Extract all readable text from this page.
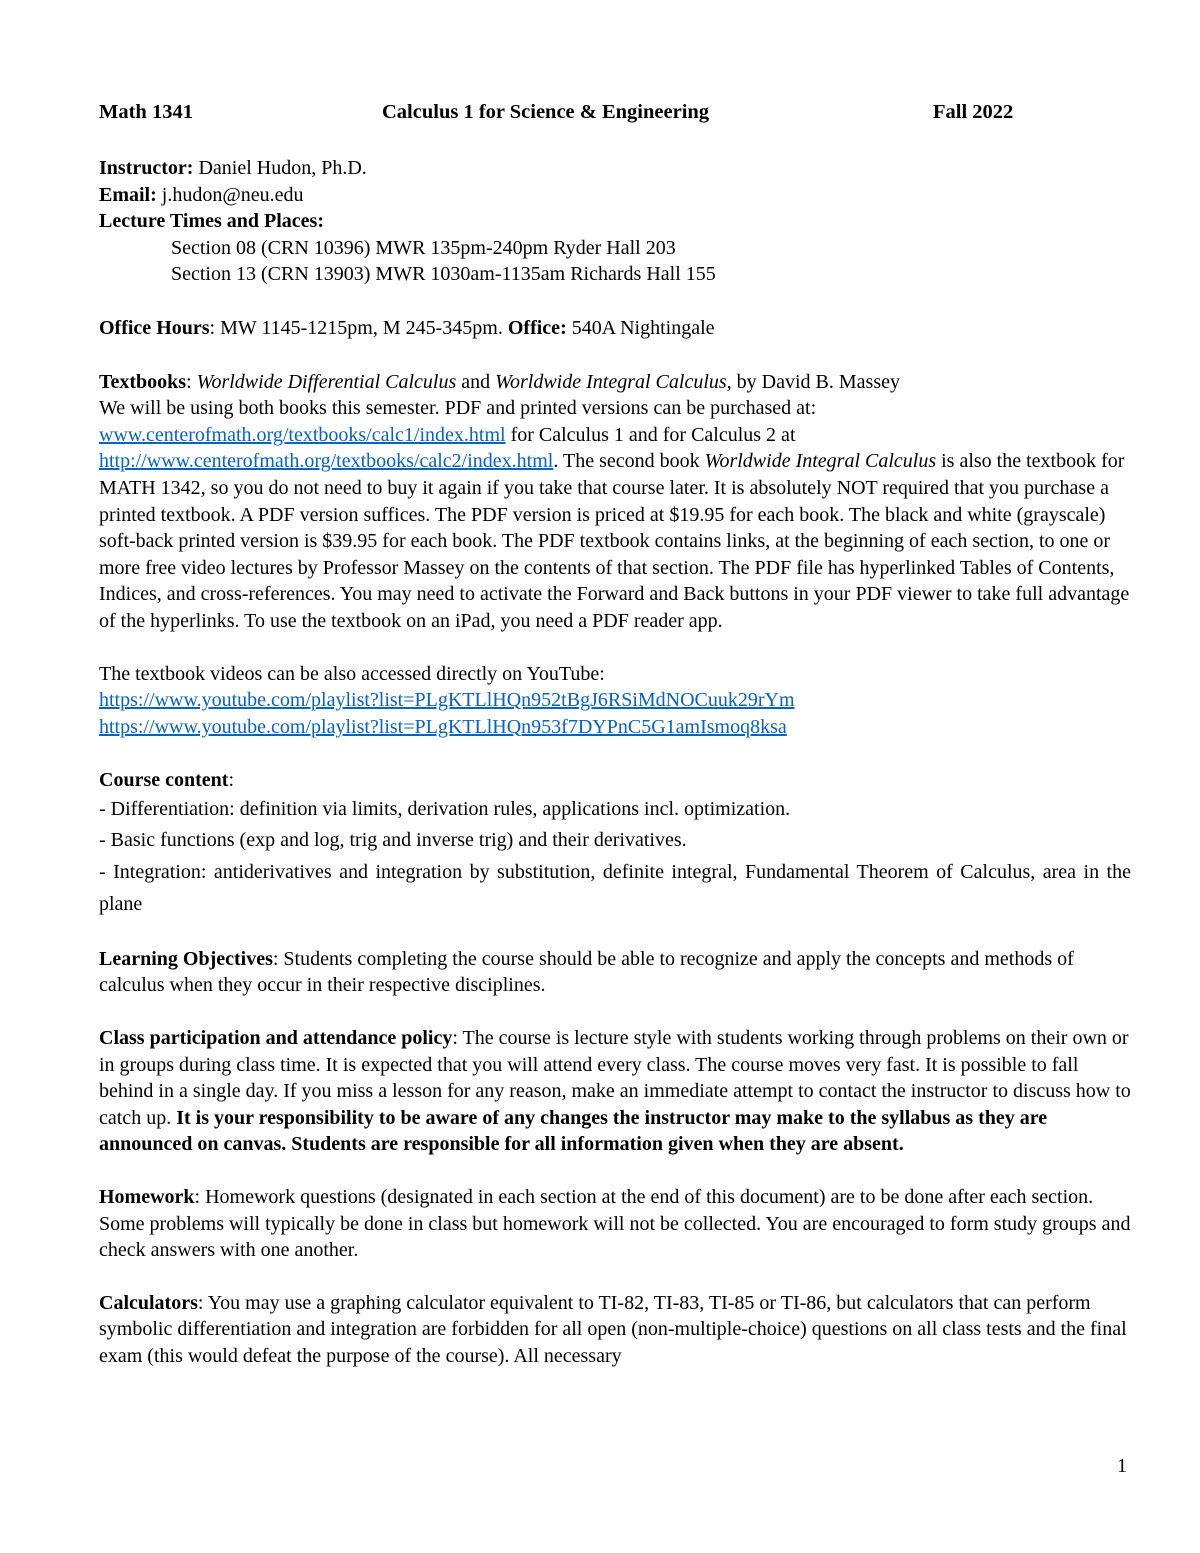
Math 1341	Calculus 1 for Science & Engineering	Fall 2022

Instructor: Daniel Hudon, Ph.D.

Email: j.hudon@neu.edu

Lecture Times and Places:

Section 08 (CRN 10396) MWR 135pm-240pm Ryder Hall 203

Section 13 (CRN 13903) MWR 1030am-1135am Richards Hall 155

Office Hours: MW 1145-1215pm, M 245-345pm. Office: 540A Nightingale

Textbooks: Worldwide Differential Calculus and Worldwide Integral Calculus, by David B. Massey

We will be using both books this semester. PDF and printed versions can be purchased at:
www.centerofmath.org/textbooks/calc1/index.html for Calculus 1 and for Calculus 2 at
http://www.centerofmath.org/textbooks/calc2/index.html. The second book Worldwide Integral Calculus is also the textbook for MATH 1342, so you do not need to buy it again if you take that course later. It is absolutely NOT required that you purchase a printed textbook. A PDF version suffices. The PDF version is priced at $19.95 for each book. The black and white (grayscale) soft-back printed version is $39.95 for each book. The PDF textbook contains links, at the beginning of each section, to one or more free video lectures by Professor Massey on the contents of that section. The PDF file has hyperlinked Tables of Contents, Indices, and cross-references. You may need to activate the Forward and Back buttons in your PDF viewer to take full advantage of the hyperlinks. To use the textbook on an iPad, you need a PDF reader app.

The textbook videos can be also accessed directly on YouTube:

https://www.youtube.com/playlist?list=PLgKTLlHQn952tBgJ6RSiMdNOCuuk29rYm

https://www.youtube.com/playlist?list=PLgKTLlHQn953f7DYPnC5G1amIsmoq8ksa

Course content:

- Differentiation: definition via limits, derivation rules, applications incl. optimization.

- Basic functions (exp and log, trig and inverse trig) and their derivatives.

- Integration: antiderivatives and integration by substitution, definite integral, Fundamental Theorem of Calculus, area in the plane

Learning Objectives: Students completing the course should be able to recognize and apply the concepts and methods of calculus when they occur in their respective disciplines.

Class participation and attendance policy: The course is lecture style with students working through problems on their own or in groups during class time. It is expected that you will attend every class. The course moves very fast. It is possible to fall behind in a single day. If you miss a lesson for any reason, make an immediate attempt to contact the instructor to discuss how to catch up. It is your responsibility to be aware of any changes the instructor may make to the syllabus as they are announced on canvas. Students are responsible for all information given when they are absent.

Homework: Homework questions (designated in each section at the end of this document) are to be done after each section. Some problems will typically be done in class but homework will not be collected. You are encouraged to form study groups and check answers with one another.

Calculators: You may use a graphing calculator equivalent to TI-82, TI-83, TI-85 or TI-86, but calculators that can perform symbolic differentiation and integration are forbidden for all open (non-multiple-choice) questions on all class tests and the final exam (this would defeat the purpose of the course). All necessary

1
